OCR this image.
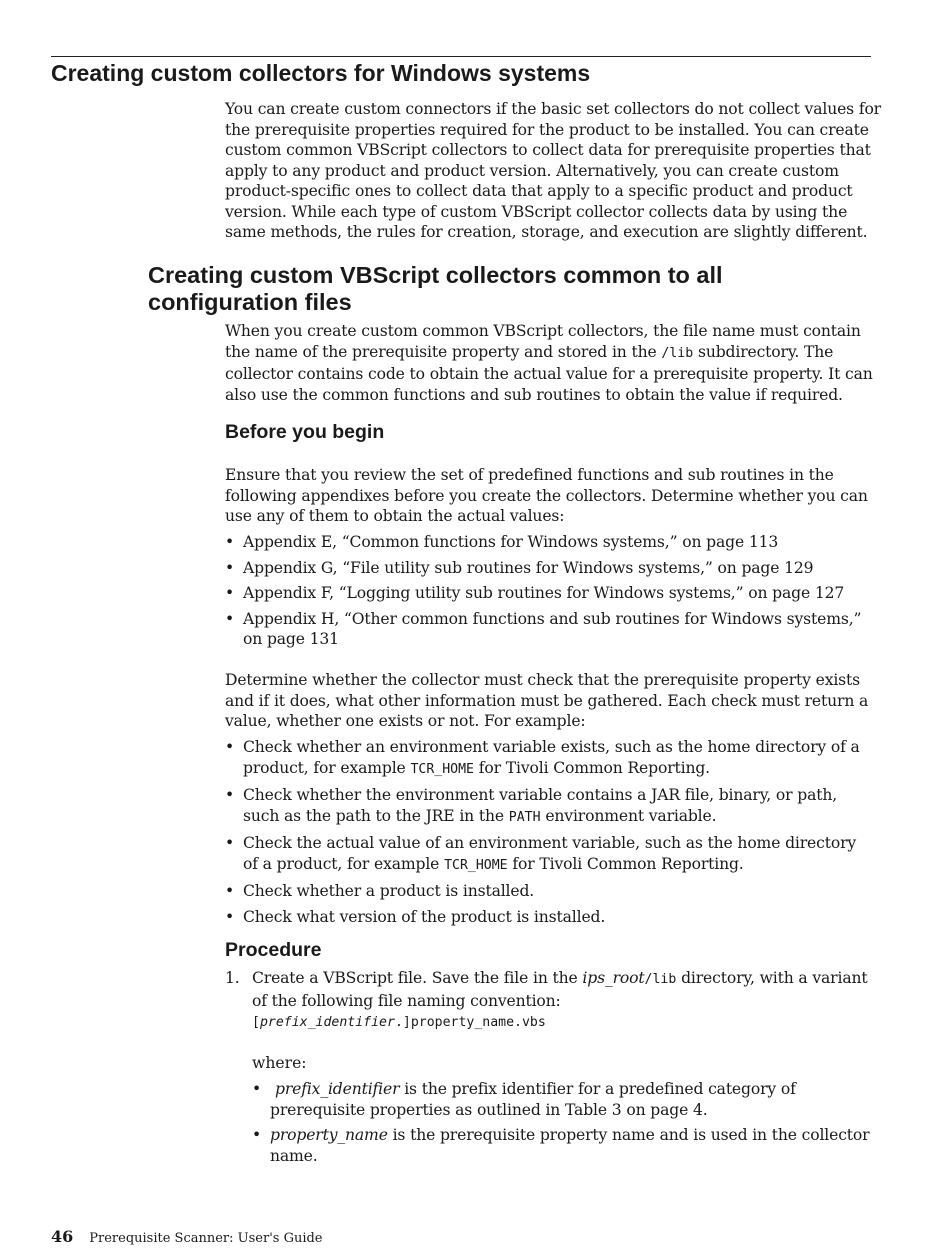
Creating custom collectors for Windows systems
You can create custom connectors if the basic set collectors do not collect values for
the prerequisite properties required for the product to be installed. You can create
custom common VBScript collectors to collect data for prerequisite properties that
apply to any product and product version. Alternatively, you can create custom
product-specific ones to collect data that apply to a specific product and product
version. While each type of custom VBScript collector collects data by using the
same methods, the rules for creation, storage, and execution are slightly different.
Creating custom VBScript collectors common to all configuration files
When you create custom common VBScript collectors, the file name must contain
the name of the prerequisite property and stored in the /lib subdirectory. The
collector contains code to obtain the actual value for a prerequisite property. It can
also use the common functions and sub routines to obtain the value if required.
Before you begin
Ensure that you review the set of predefined functions and sub routines in the
following appendixes before you create the collectors. Determine whether you can
use any of them to obtain the actual values:
• Appendix E, “Common functions for Windows systems,” on page 113
• Appendix G, “File utility sub routines for Windows systems,” on page 129
• Appendix F, “Logging utility sub routines for Windows systems,” on page 127
• Appendix H, “Other common functions and sub routines for Windows systems,”
on page 131
Determine whether the collector must check that the prerequisite property exists
and if it does, what other information must be gathered. Each check must return a
value, whether one exists or not. For example:
• Check whether an environment variable exists, such as the home directory of a
product, for example TCR_HOME for Tivoli Common Reporting.
• Check whether the environment variable contains a JAR file, binary, or path,
such as the path to the JRE in the PATH environment variable.
• Check the actual value of an environment variable, such as the home directory
of a product, for example TCR_HOME for Tivoli Common Reporting.
• Check whether a product is installed.
• Check what version of the product is installed.
Procedure
1. Create a VBScript file. Save the file in the ips_root/lib directory, with a variant
of the following file naming convention:
[prefix_identifier.]property_name.vbs
where:
• prefix_identifier is the prefix identifier for a predefined category of
prerequisite properties as outlined in Table 3 on page 4.
• property_name is the prerequisite property name and is used in the collector
name.
46 Prerequisite Scanner: User's Guide
